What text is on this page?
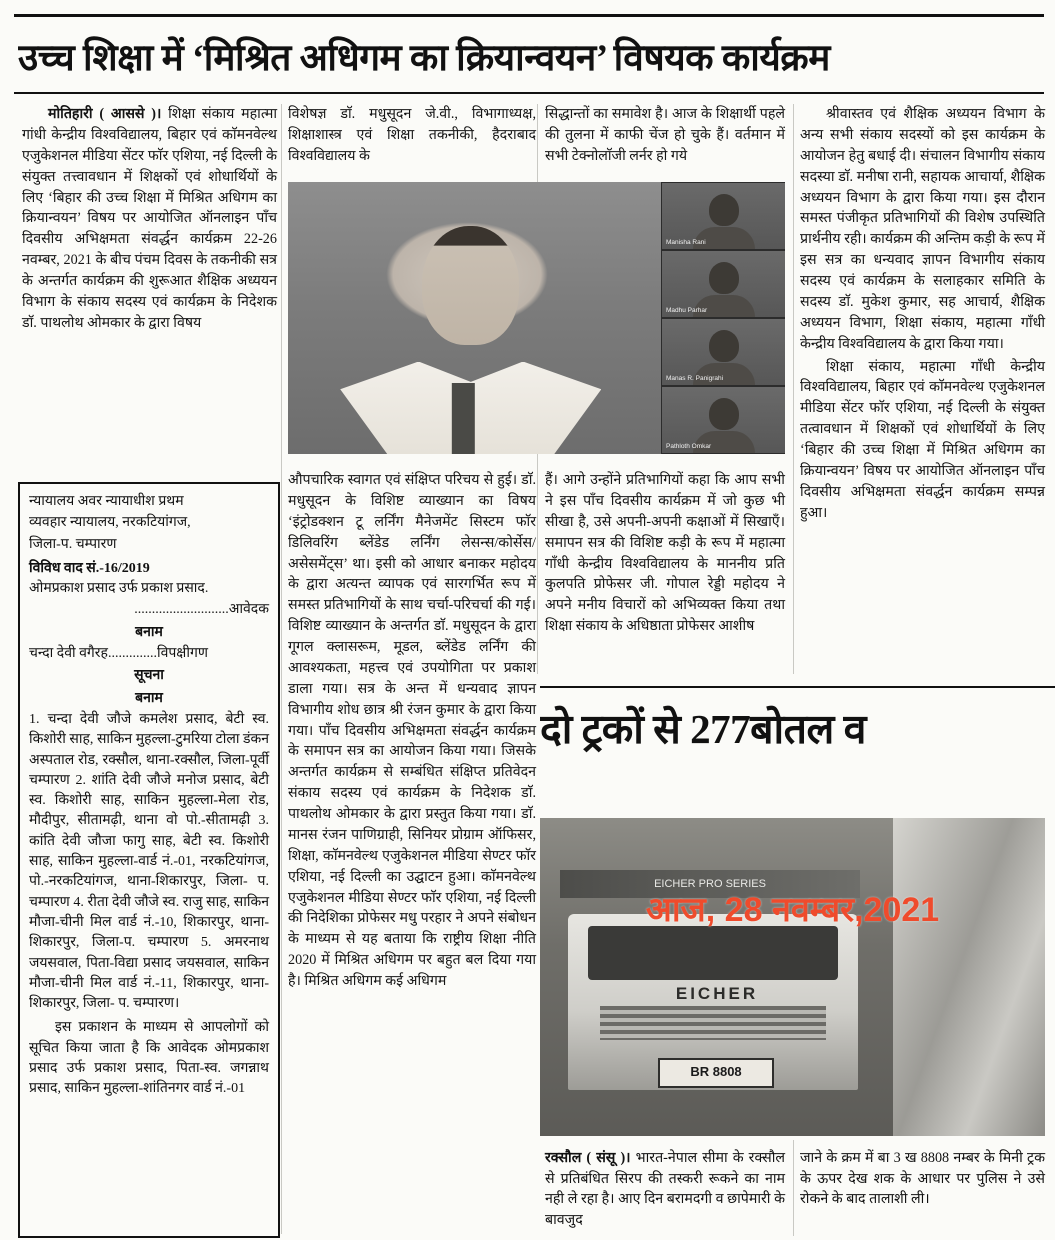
उच्च शिक्षा में ‘मिश्रित अधिगम का क्रियान्वयन’ विषयक कार्यक्रम

मोतिहारी ( आससे )। शिक्षा संकाय महात्मा गांधी केन्द्रीय विश्वविद्यालय, बिहार एवं काॅमनवेल्थ एजुकेशनल मीडिया सेंटर फाॅर एशिया, नई दिल्ली के संयुक्त तत्त्वावधान में शिक्षकों एवं शोधार्थियों के लिए ‘बिहार की उच्च शिक्षा में मिश्रित अधिगम का क्रियान्वयन’ विषय पर आयोजित ऑनलाइन पाँच दिवसीय अभिक्षमता संवर्द्धन कार्यक्रम 22-26 नवम्बर, 2021 के बीच पंचम दिवस के तकनीकी सत्र के अन्तर्गत कार्यक्रम की शुरूआत शैक्षिक अध्ययन विभाग के संकाय सदस्य एवं कार्यक्रम के निदेशक डाॅ. पाथलोथ ओमकार के द्वारा विषय

विशेषज्ञ डाॅ. मधुसूदन जे.वी., विभागाध्यक्ष, शिक्षाशास्त्र एवं शिक्षा तकनीकी, हैदराबाद विश्वविद्यालय के

सिद्धान्तों का समावेश है। आज के शिक्षार्थी पहले की तुलना में काफी चेंज हो चुके हैं। वर्तमान में सभी टेक्नोलाॅजी लर्नर हो गये

श्रीवास्तव एवं शैक्षिक अध्ययन विभाग के अन्य सभी संकाय सदस्यों को इस कार्यक्रम के आयोजन हेतु बधाई दी। संचालन विभागीय संकाय सदस्या डाॅ. मनीषा रानी, सहायक आचार्या, शैक्षिक अध्ययन विभाग के द्वारा किया गया। इस दौरान समस्त पंजीकृत प्रतिभागियों की विशेष उपस्थिति प्रार्थनीय रही। कार्यक्रम की अन्तिम कड़ी के रूप में इस सत्र का धन्यवाद ज्ञापन विभागीय संकाय सदस्य एवं कार्यक्रम के सलाहकार समिति के सदस्य डाॅ. मुकेश कुमार, सह आचार्य, शैक्षिक अध्ययन विभाग, शिक्षा संकाय, महात्मा गाँधी केन्द्रीय विश्वविद्यालय के द्वारा किया गया।

शिक्षा संकाय, महात्मा गाँधी केन्द्रीय विश्वविद्यालय, बिहार एवं काॅमनवेल्थ एजुकेशनल मीडिया सेंटर फाॅर एशिया, नई दिल्ली के संयुक्त तत्वावधान में शिक्षकों एवं शोधार्थियों के लिए ‘बिहार की उच्च शिक्षा में मिश्रित अधिगम का क्रियान्वयन’ विषय पर आयोजित ऑनलाइन पाँच दिवसीय अभिक्षमता संवर्द्धन कार्यक्रम सम्पन्न हुआ।

Manisha Rani
Madhu Parhar
Manas R. Panigrahi
Pathloth Omkar

औपचारिक स्वागत एवं संक्षिप्त परिचय से हुई। डाॅ. मधुसूदन के विशिष्ट व्याख्यान का विषय ‘इंट्रोडक्शन टू लर्निंग मैनेजमेंट सिस्टम फाॅर डिलिवरिंग ब्लेंडेड लर्निंग लेसन्स/कोर्सेस/असेसमेंट्स’ था। इसी को आधार बनाकर महोदय के द्वारा अत्यन्त व्यापक एवं सारगर्भित रूप में समस्त प्रतिभागियों के साथ चर्चा-परिचर्चा की गई। विशिष्ट व्याख्यान के अन्तर्गत डाॅ. मधुसूदन के द्वारा गूगल क्लासरूम, मूडल, ब्लेंडेड लर्निंग की आवश्यकता, महत्त्व एवं उपयोगिता पर प्रकाश डाला गया। सत्र के अन्त में धन्यवाद ज्ञापन विभागीय शोध छात्र श्री रंजन कुमार के द्वारा किया गया। पाँच दिवसीय अभिक्षमता संवर्द्धन कार्यक्रम के समापन सत्र का आयोजन किया गया। जिसके अन्तर्गत कार्यक्रम से सम्बंधित संक्षिप्त प्रतिवेदन संकाय सदस्य एवं कार्यक्रम के निदेशक डाॅ. पाथलोथ ओमकार के द्वारा प्रस्तुत किया गया। डाॅ. मानस रंजन पाणिग्राही, सिनियर प्रोग्राम ऑफिसर, शिक्षा, काॅमनवेल्थ एजुकेशनल मीडिया सेण्टर फाॅर एशिया, नई दिल्ली का उद्घाटन हुआ। काॅमनवेल्थ एजुकेशनल मीडिया सेण्टर फाॅर एशिया, नई दिल्ली की निदेशिका प्रोफेसर मधु परहार ने अपने संबोधन के माध्यम से यह बताया कि राष्ट्रीय शिक्षा नीति 2020 में मिश्रित अधिगम पर बहुत बल दिया गया है। मिश्रित अधिगम कई अधिगम

हैं। आगे उन्होंने प्रतिभागियों कहा कि आप सभी ने इस पाँच दिवसीय कार्यक्रम में जो कुछ भी सीखा है, उसे अपनी-अपनी कक्षाओं में सिखाएँ। समापन सत्र की विशिष्ट कड़ी के रूप में महात्मा गाँधी केन्द्रीय विश्वविद्यालय के माननीय प्रति कुलपति प्रोफेसर जी. गोपाल रेड्डी महोदय ने अपने मनीय विचारों को अभिव्यक्त किया तथा शिक्षा संकाय के अधिष्ठाता प्रोफेसर आशीष

न्यायालय अवर न्यायाधीश प्रथम
व्यवहार न्यायालय, नरकटियांगज,
जिला-प. चम्पारण
विविध वाद सं.-16/2019
ओमप्रकाश प्रसाद उर्फ प्रकाश प्रसाद.
...........................आवेदक
बनाम
चन्दा देवी वगैरह..............विपक्षीगण
सूचना
बनाम
1. चन्दा देवी जौजे कमलेश प्रसाद, बेटी स्व. किशोरी साह, साकिन मुहल्ला-टुमरिया टोला डंकन अस्पताल रोड, रक्सौल, थाना-रक्सौल, जिला-पूर्वी चम्पारण 2. शांति देवी जौजे मनोज प्रसाद, बेटी स्व. किशोरी साह, साकिन मुहल्ला-मेला रोड, मौदीपुर, सीतामढ़ी, थाना वो पो.-सीतामढ़ी 3. कांति देवी जौजा फागु साह, बेटी स्व. किशोरी साह, साकिन मुहल्ला-वार्ड नं.-01, नरकटियांगज, पो.-नरकटियांगज, थाना-शिकारपुर, जिला- प. चम्पारण 4. रीता देवी जौजे स्व. राजु साह, साकिन मौजा-चीनी मिल वार्ड नं.-10, शिकारपुर, थाना-शिकारपुर, जिला-प. चम्पारण 5. अमरनाथ जयसवाल, पिता-विद्या प्रसाद जयसवाल, साकिन मौजा-चीनी मिल वार्ड नं.-11, शिकारपुर, थाना-शिकारपुर, जिला- प. चम्पारण।
इस प्रकाशन के माध्यम से आपलोगों को सूचित किया जाता है कि आवेदक ओमप्रकाश प्रसाद उर्फ प्रकाश प्रसाद, पिता-स्व. जगन्नाथ प्रसाद, साकिन मुहल्ला-शांतिनगर वार्ड नं.-01
दो ट्रकों से 277बोतल व
EICHER PRO SERIES
EICHER
BR 8808
आज, 28 नवम्बर,2021
रक्सौल ( संसू )। भारत-नेपाल सीमा के रक्सौल से प्रतिबंधित सिरप की तस्करी रूकने का नाम नही ले रहा है। आए दिन बरामदगी व छापेमारी के बावजुद
जाने के क्रम में बा 3 ख 8808 नम्बर के मिनी ट्रक के ऊपर देख शक के आधार पर पुलिस ने उसे रोकने के बाद तालाशी ली।
